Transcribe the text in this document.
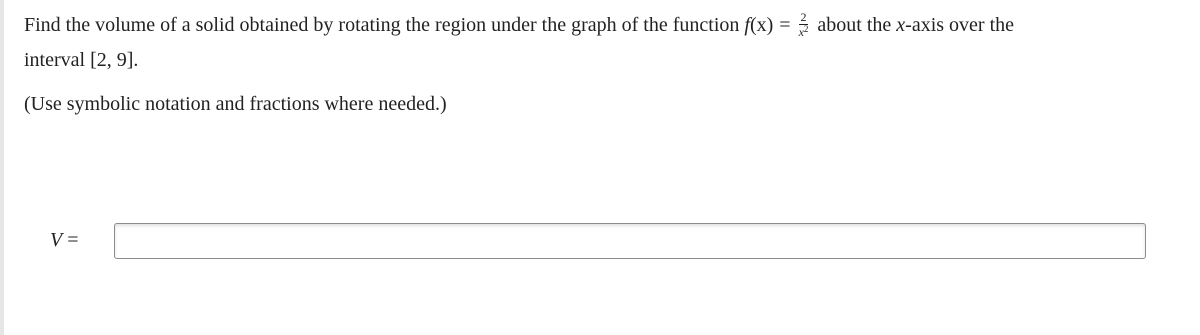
Find the volume of a solid obtained by rotating the region under the graph of the function $f(x) = \frac{2}{x^2}$ about the x-axis over the
interval [2, 9].

(Use symbolic notation and fractions where needed.)
V =
